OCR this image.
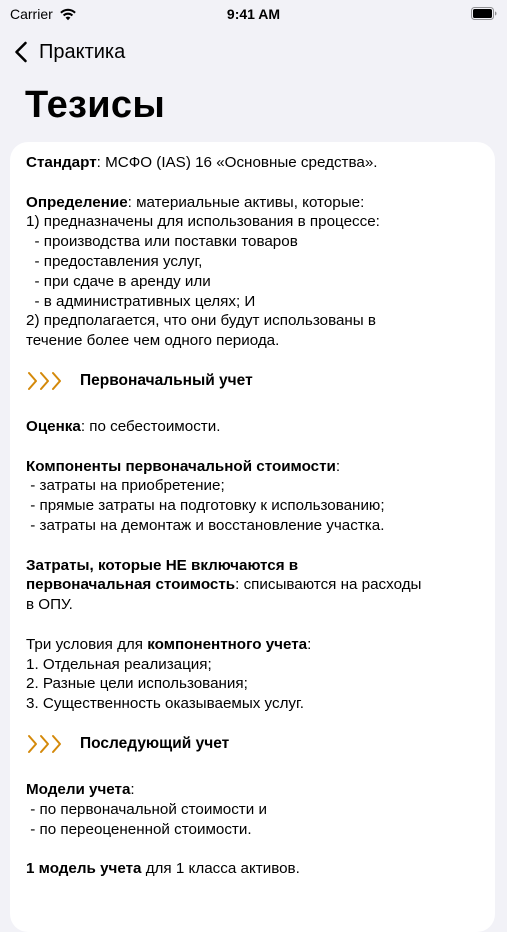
Carrier	9:41 AM
Практика
Тезисы
Стандарт: МСФО (IAS) 16 «Основные средства».
Определение: материальные активы, которые:
1) предназначены для использования в процессе:
- производства или поставки товаров
- предоставления услуг,
- при сдаче в аренду или
- в административных целях; И
2) предполагается, что они будут использованы в
течение более чем одного периода.
Первоначальный учет
Оценка: по себестоимости.
Компоненты первоначальной стоимости:
- затраты на приобретение;
- прямые затраты на подготовку к использованию;
- затраты на демонтаж и восстановление участка.
Затраты, которые НЕ включаются в
первоначальная стоимость: списываются на расходы
в ОПУ.
Три условия для компонентного учета:
1. Отдельная реализация;
2. Разные цели использования;
3. Существенность оказываемых услуг.
Последующий учет
Модели учета:
- по первоначальной стоимости и
- по переоцененной стоимости.
1 модель учета для 1 класса активов.
